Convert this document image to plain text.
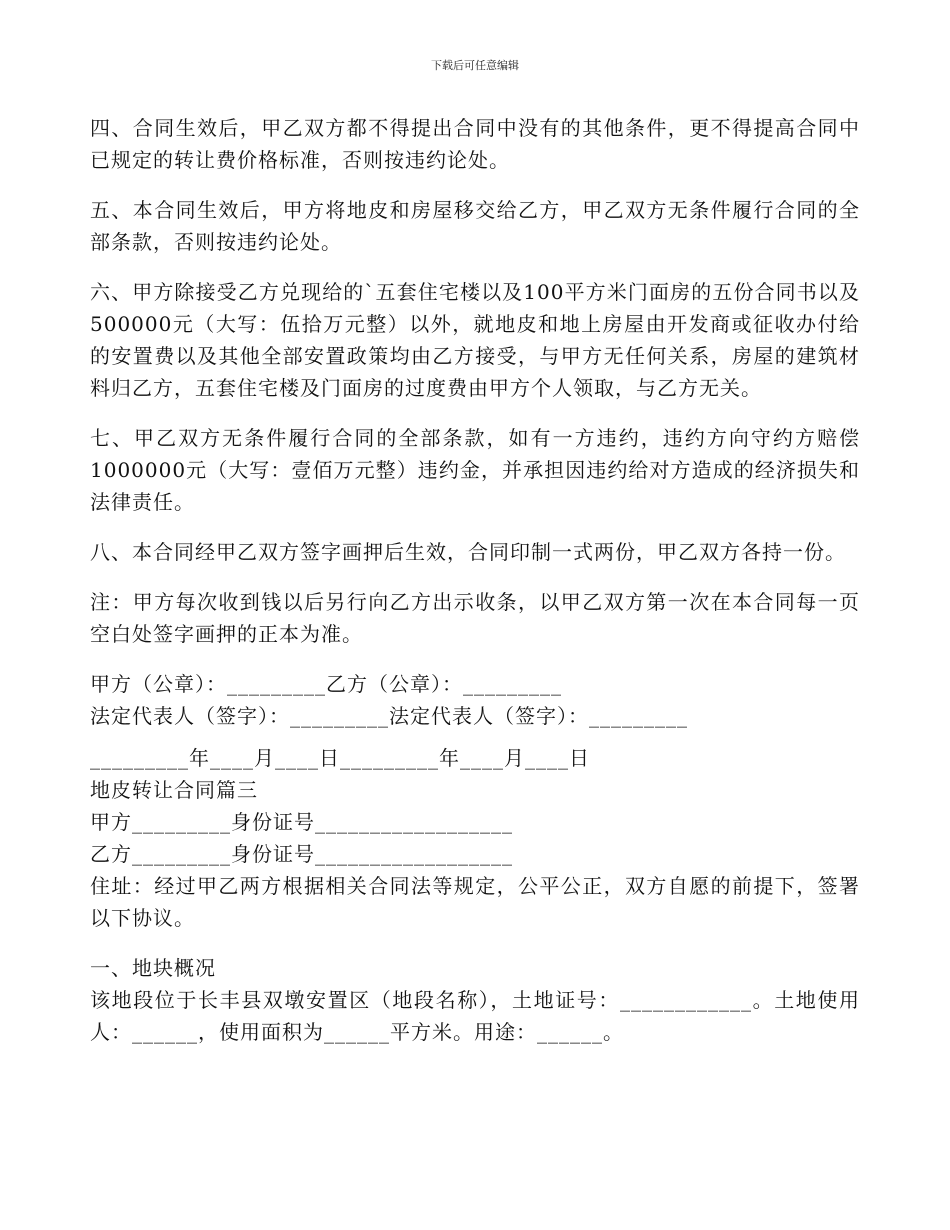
下载后可任意编辑

四、合同生效后，甲乙双方都不得提出合同中没有的其他条件，更不得提高合同中已规定的转让费价格标准，否则按违约论处。

五、本合同生效后，甲方将地皮和房屋移交给乙方，甲乙双方无条件履行合同的全部条款，否则按违约论处。

六、甲方除接受乙方兑现给的`五套住宅楼以及100平方米门面房的五份合同书以及500000元（大写：伍拾万元整）以外，就地皮和地上房屋由开发商或征收办付给的安置费以及其他全部安置政策均由乙方接受，与甲方无任何关系，房屋的建筑材料归乙方，五套住宅楼及门面房的过度费由甲方个人领取，与乙方无关。

七、甲乙双方无条件履行合同的全部条款，如有一方违约，违约方向守约方赔偿1000000元（大写：壹佰万元整）违约金，并承担因违约给对方造成的经济损失和法律责任。

八、本合同经甲乙双方签字画押后生效，合同印制一式两份，甲乙双方各持一份。

注：甲方每次收到钱以后另行向乙方出示收条，以甲乙双方第一次在本合同每一页空白处签字画押的正本为准。

甲方（公章）：_________乙方（公章）：_________

法定代表人（签字）：_________法定代表人（签字）：_________

_________年____月____日_________年____月____日

地皮转让合同篇三

甲方_________身份证号__________________

乙方_________身份证号__________________

住址：经过甲乙两方根据相关合同法等规定，公平公正，双方自愿的前提下，签署以下协议。

一、地块概况

该地段位于长丰县双墩安置区（地段名称），土地证号：____________。土地使用人：______，使用面积为______平方米。用途：______。
